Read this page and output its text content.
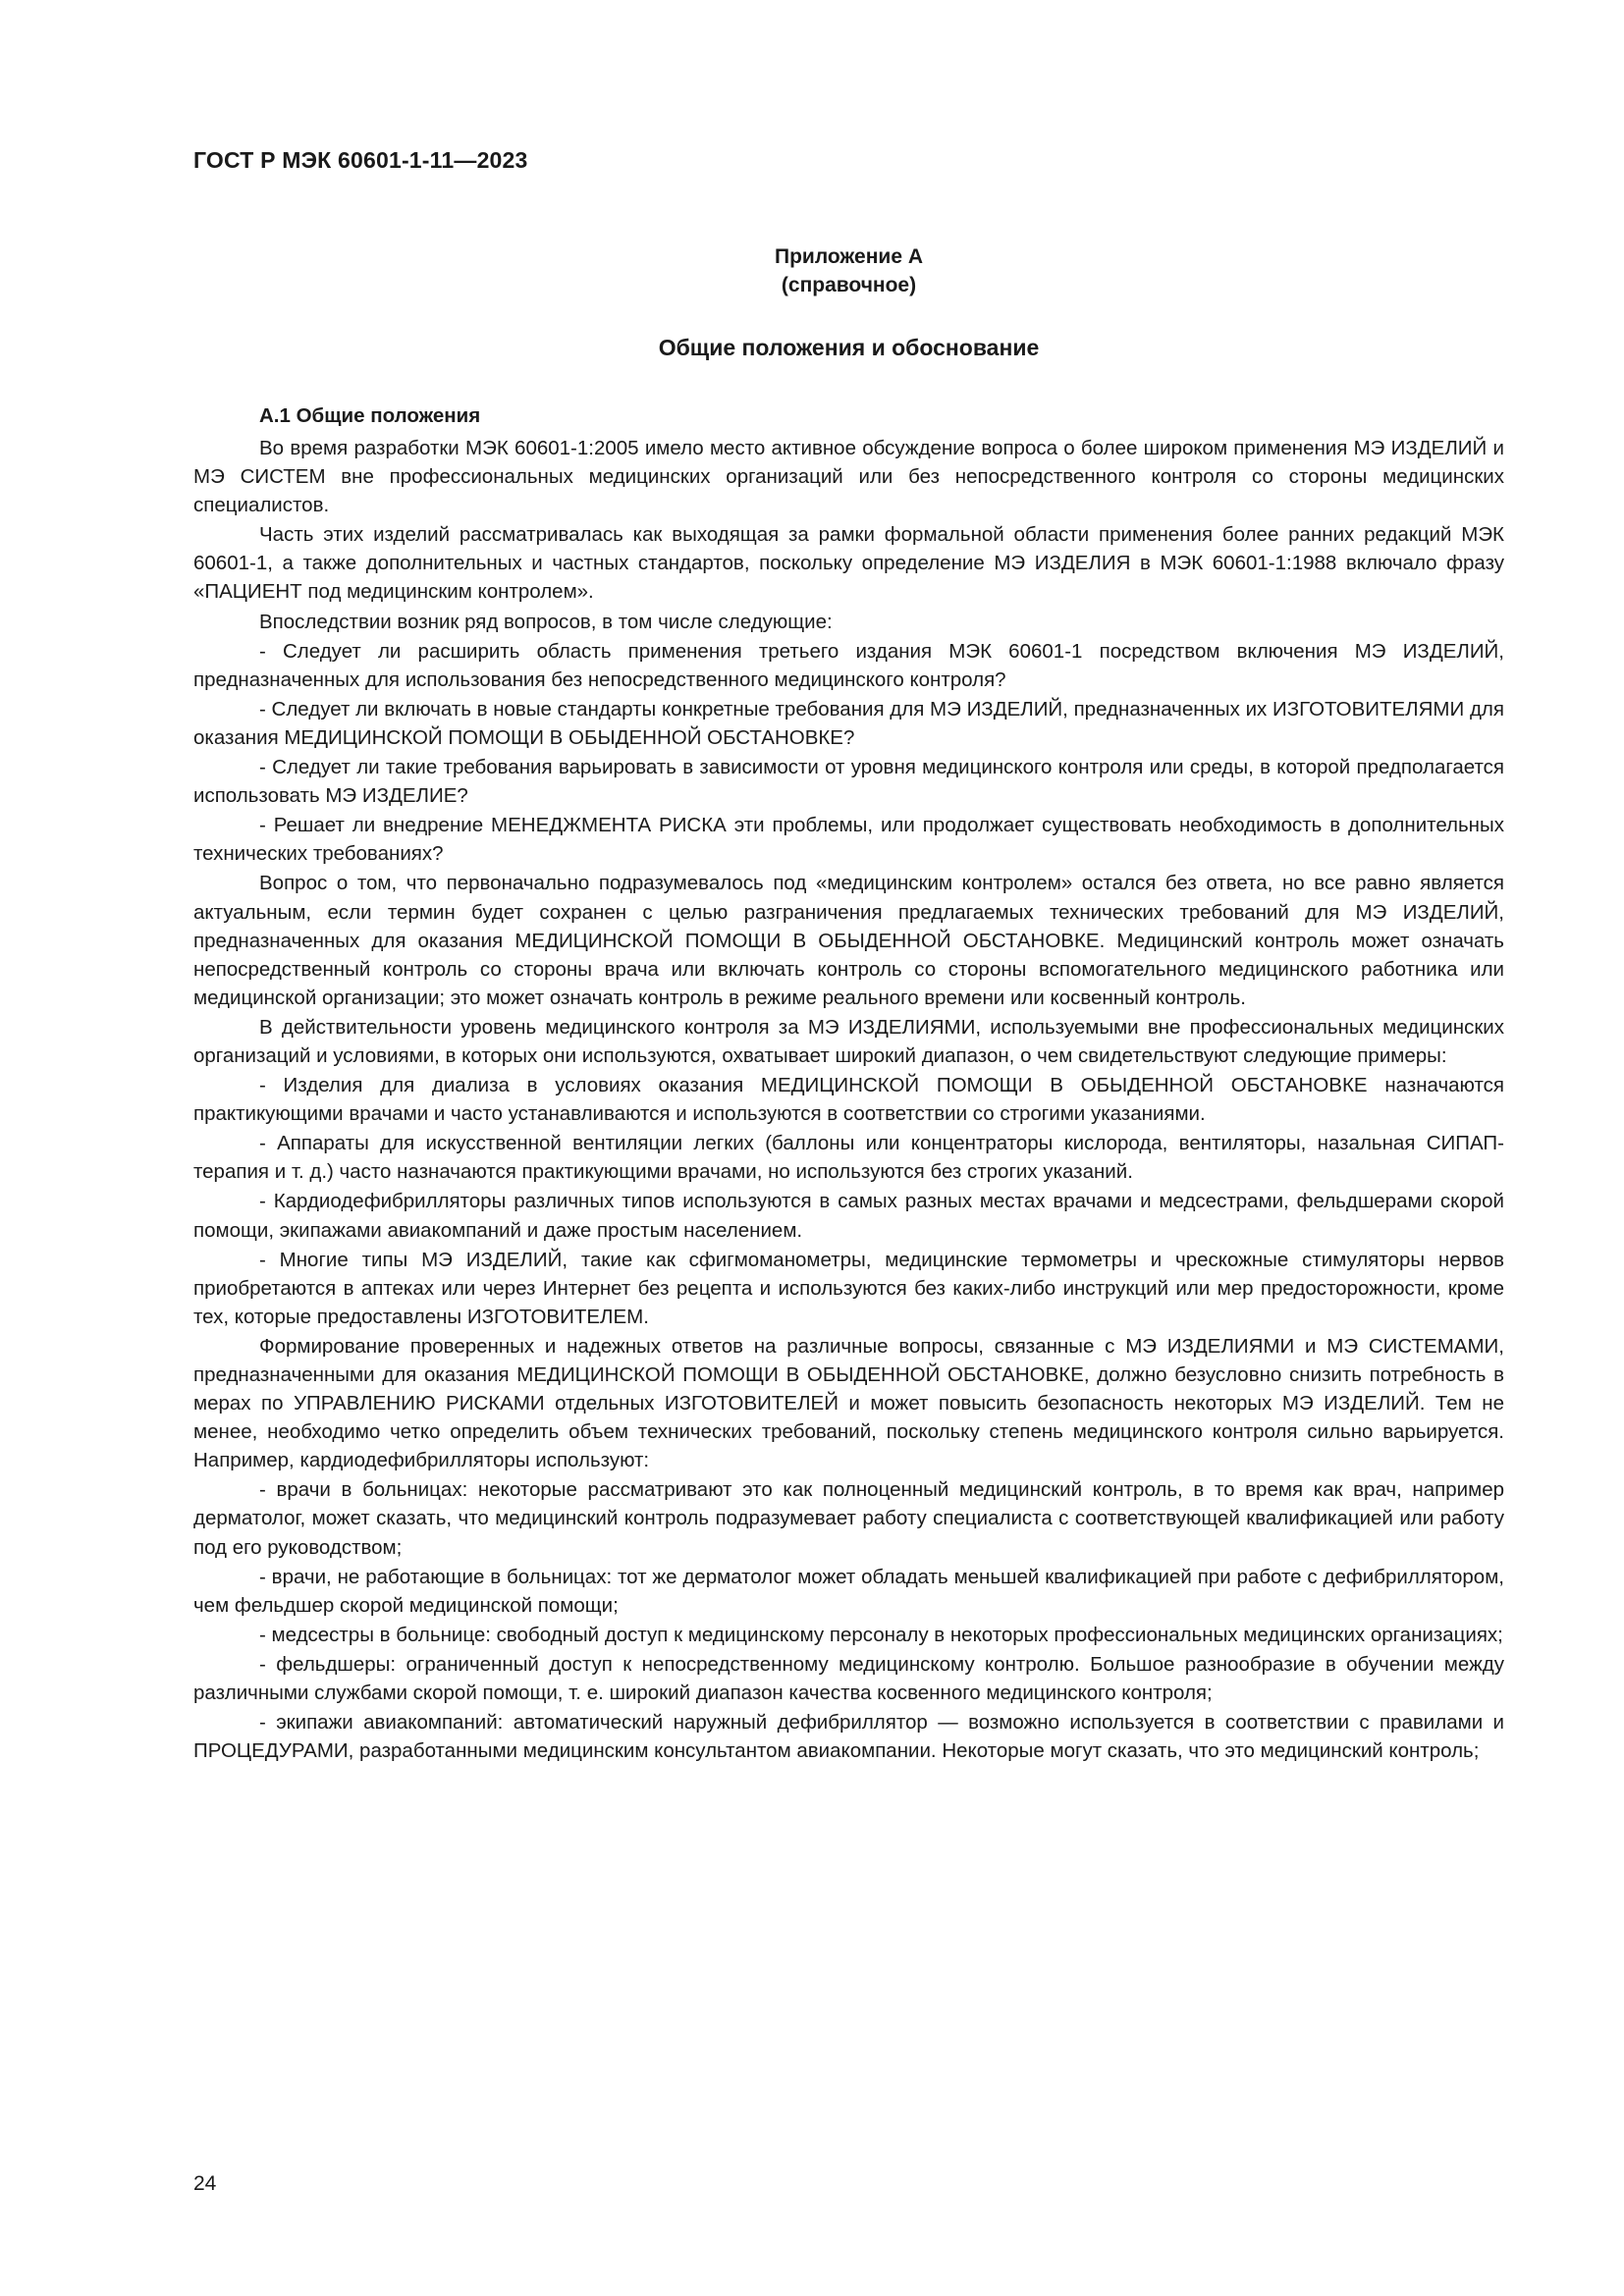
ГОСТ Р МЭК 60601-1-11—2023
Приложение А
(справочное)
Общие положения и обоснование
А.1 Общие положения

Во время разработки МЭК 60601-1:2005 имело место активное обсуждение вопроса о более широком применения МЭ ИЗДЕЛИЙ и МЭ СИСТЕМ вне профессиональных медицинских организаций или без непосредственного контроля со стороны медицинских специалистов.

Часть этих изделий рассматривалась как выходящая за рамки формальной области применения более ранних редакций МЭК 60601-1, а также дополнительных и частных стандартов, поскольку определение МЭ ИЗДЕЛИЯ в МЭК 60601-1:1988 включало фразу «ПАЦИЕНТ под медицинским контролем».

Впоследствии возник ряд вопросов, в том числе следующие:

- Следует ли расширить область применения третьего издания МЭК 60601-1 посредством включения МЭ ИЗДЕЛИЙ, предназначенных для использования без непосредственного медицинского контроля?

- Следует ли включать в новые стандарты конкретные требования для МЭ ИЗДЕЛИЙ, предназначенных их ИЗГОТОВИТЕЛЯМИ для оказания МЕДИЦИНСКОЙ ПОМОЩИ В ОБЫДЕННОЙ ОБСТАНОВКЕ?

- Следует ли такие требования варьировать в зависимости от уровня медицинского контроля или среды, в которой предполагается использовать МЭ ИЗДЕЛИЕ?

- Решает ли внедрение МЕНЕДЖМЕНТА РИСКА эти проблемы, или продолжает существовать необходимость в дополнительных технических требованиях?

Вопрос о том, что первоначально подразумевалось под «медицинским контролем» остался без ответа, но все равно является актуальным, если термин будет сохранен с целью разграничения предлагаемых технических требований для МЭ ИЗДЕЛИЙ, предназначенных для оказания МЕДИЦИНСКОЙ ПОМОЩИ В ОБЫДЕННОЙ ОБСТАНОВКЕ. Медицинский контроль может означать непосредственный контроль со стороны врача или включать контроль со стороны вспомогательного медицинского работника или медицинской организации; это может означать контроль в режиме реального времени или косвенный контроль.

В действительности уровень медицинского контроля за МЭ ИЗДЕЛИЯМИ, используемыми вне профессиональных медицинских организаций и условиями, в которых они используются, охватывает широкий диапазон, о чем свидетельствуют следующие примеры:

- Изделия для диализа в условиях оказания МЕДИЦИНСКОЙ ПОМОЩИ В ОБЫДЕННОЙ ОБСТАНОВКЕ назначаются практикующими врачами и часто устанавливаются и используются в соответствии со строгими указаниями.

- Аппараты для искусственной вентиляции легких (баллоны или концентраторы кислорода, вентиляторы, назальная СИПАП-терапия и т. д.) часто назначаются практикующими врачами, но используются без строгих указаний.

- Кардиодефибрилляторы различных типов используются в самых разных местах врачами и медсестрами, фельдшерами скорой помощи, экипажами авиакомпаний и даже простым населением.

- Многие типы МЭ ИЗДЕЛИЙ, такие как сфигмоманометры, медицинские термометры и чрескожные стимуляторы нервов приобретаются в аптеках или через Интернет без рецепта и используются без каких-либо инструкций или мер предосторожности, кроме тех, которые предоставлены ИЗГОТОВИТЕЛЕМ.

Формирование проверенных и надежных ответов на различные вопросы, связанные с МЭ ИЗДЕЛИЯМИ и МЭ СИСТЕМАМИ, предназначенными для оказания МЕДИЦИНСКОЙ ПОМОЩИ В ОБЫДЕННОЙ ОБСТАНОВКЕ, должно безусловно снизить потребность в мерах по УПРАВЛЕНИЮ РИСКАМИ отдельных ИЗГОТОВИТЕЛЕЙ и может повысить безопасность некоторых МЭ ИЗДЕЛИЙ. Тем не менее, необходимо четко определить объем технических требований, поскольку степень медицинского контроля сильно варьируется. Например, кардиодефибрилляторы используют:

- врачи в больницах: некоторые рассматривают это как полноценный медицинский контроль, в то время как врач, например дерматолог, может сказать, что медицинский контроль подразумевает работу специалиста с соответствующей квалификацией или работу под его руководством;

- врачи, не работающие в больницах: тот же дерматолог может обладать меньшей квалификацией при работе с дефибриллятором, чем фельдшер скорой медицинской помощи;

- медсестры в больнице: свободный доступ к медицинскому персоналу в некоторых профессиональных медицинских организациях;

- фельдшеры: ограниченный доступ к непосредственному медицинскому контролю. Большое разнообразие в обучении между различными службами скорой помощи, т. е. широкий диапазон качества косвенного медицинского контроля;

- экипажи авиакомпаний: автоматический наружный дефибриллятор — возможно используется в соответствии с правилами и ПРОЦЕДУРАМИ, разработанными медицинским консультантом авиакомпании. Некоторые могут сказать, что это медицинский контроль;

24
